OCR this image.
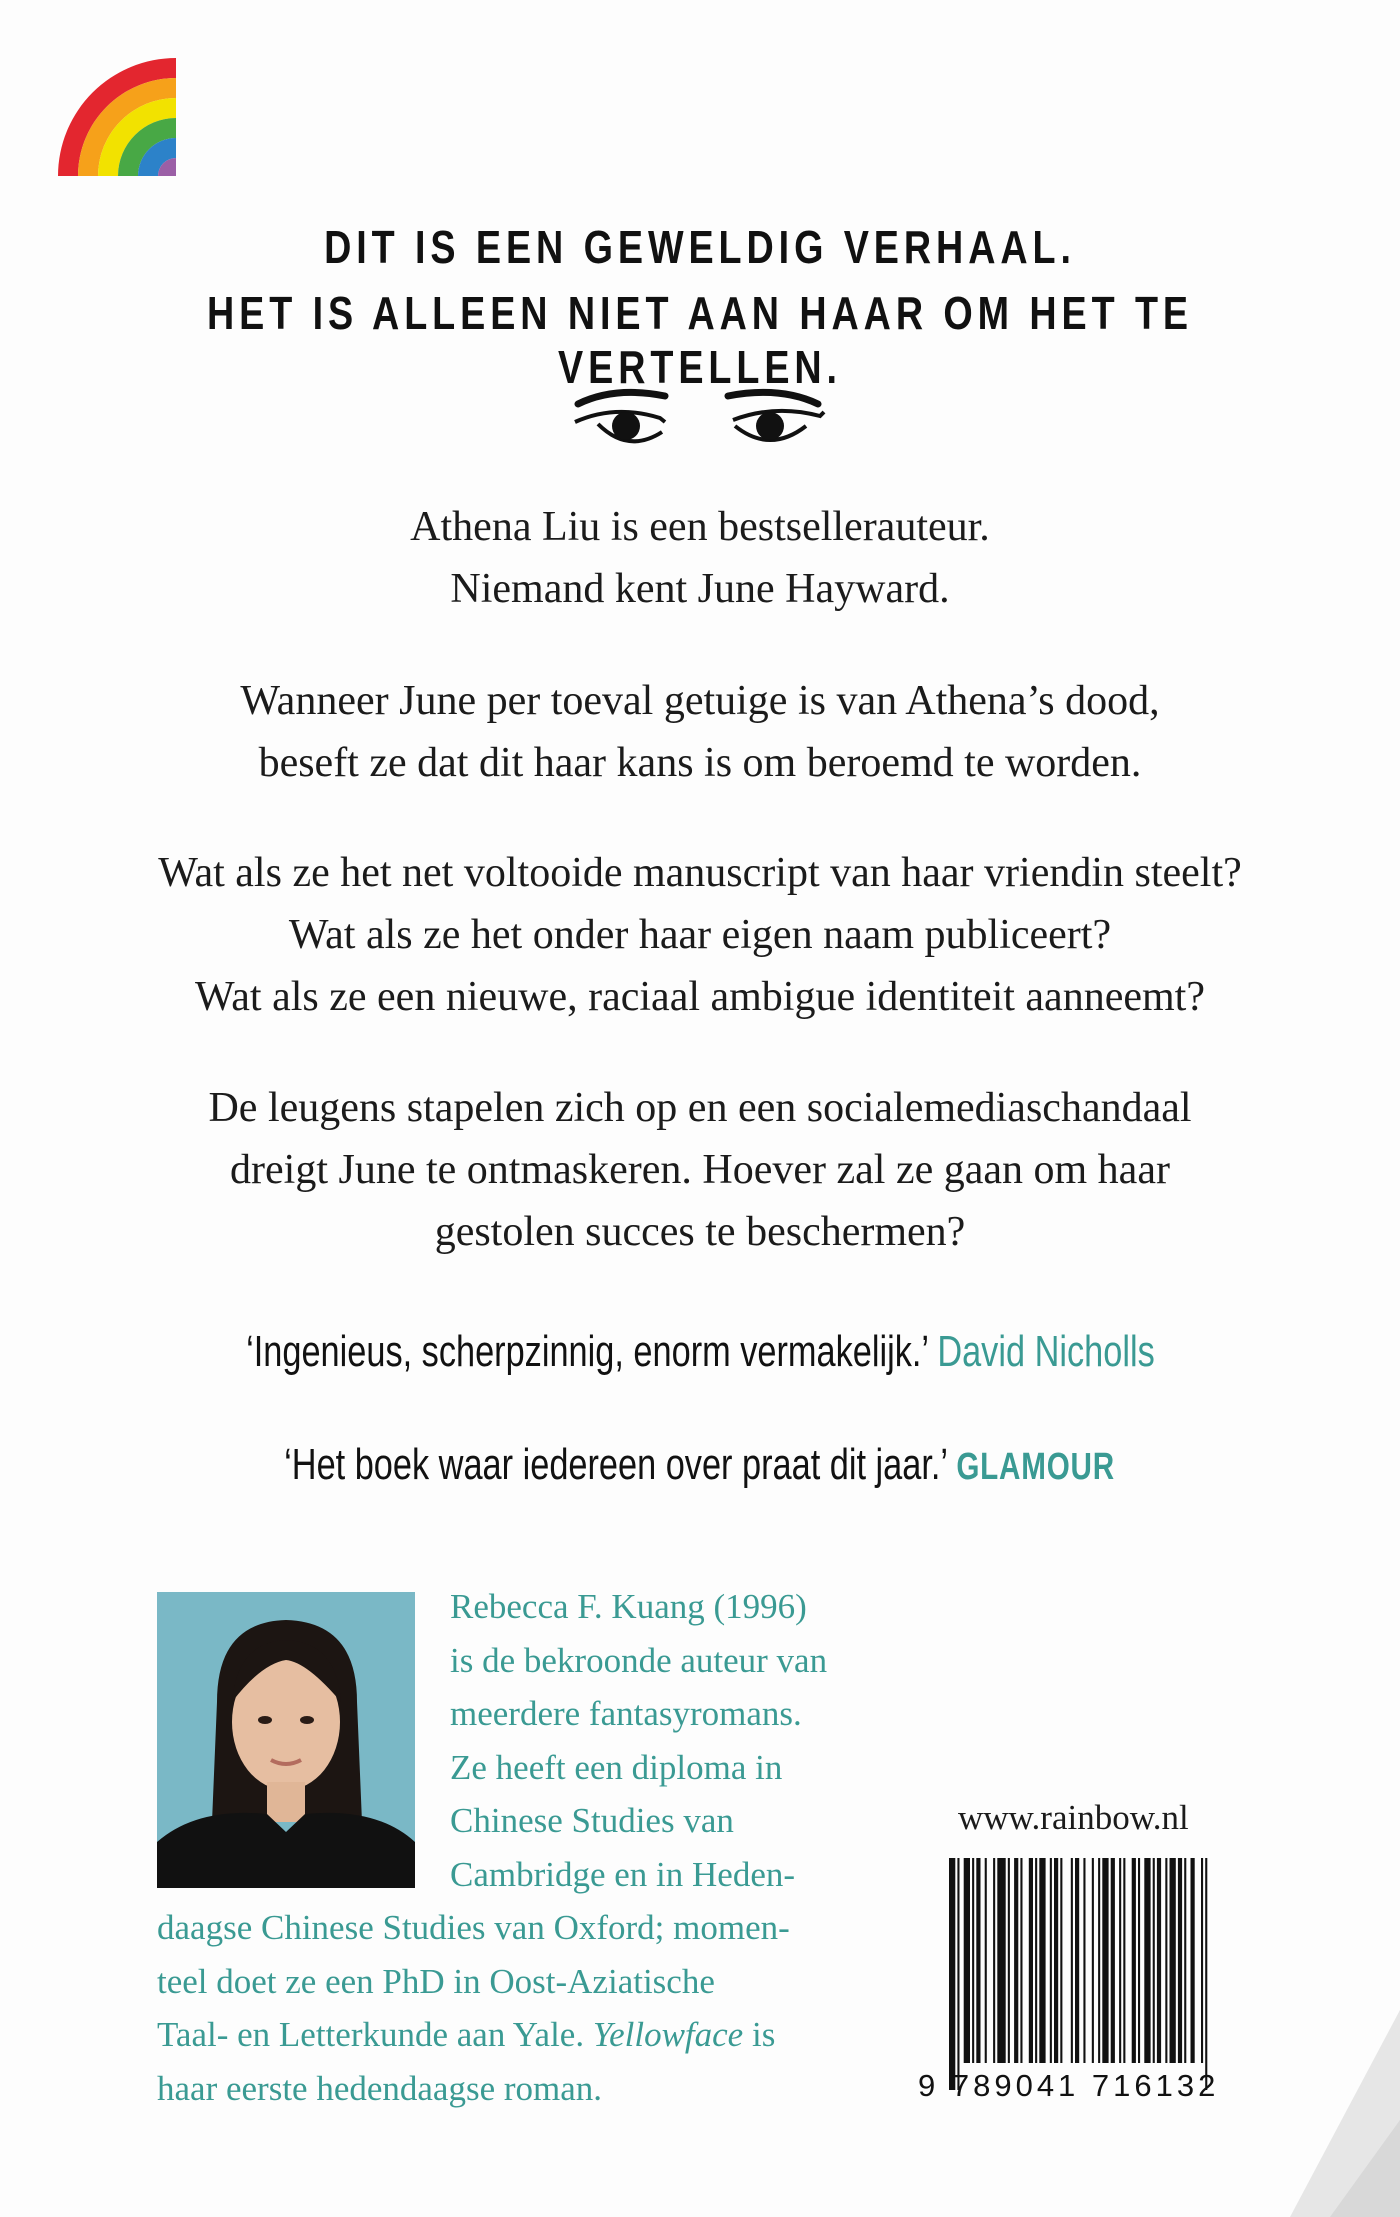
DIT IS EEN GEWELDIG VERHAAL.
HET IS ALLEEN NIET AAN HAAR OM HET TE VERTELLEN.
Athena Liu is een bestsellerauteur.
Niemand kent June Hayward.
Wanneer June per toeval getuige is van Athena’s dood,
beseft ze dat dit haar kans is om beroemd te worden.
Wat als ze het net voltooide manuscript van haar vriendin steelt?
Wat als ze het onder haar eigen naam publiceert?
Wat als ze een nieuwe, raciaal ambigue identiteit aanneemt?
De leugens stapelen zich op en een socialemediaschandaal
dreigt June te ontmaskeren. Hoever zal ze gaan om haar
gestolen succes te beschermen?
‘Ingenieus, scherpzinnig, enorm vermakelijk.’ David Nicholls
‘Het boek waar iedereen over praat dit jaar.’ GLAMOUR
Rebecca F. Kuang (1996)
is de bekroonde auteur van
meerdere fantasyromans.
Ze heeft een diploma in
Chinese Studies van
Cambridge en in Heden-
daagse Chinese Studies van Oxford; momen-
teel doet ze een PhD in Oost-Aziatische
Taal- en Letterkunde aan Yale. Yellowface is
haar eerste hedendaagse roman.
www.rainbow.nl
9 789041 716132
